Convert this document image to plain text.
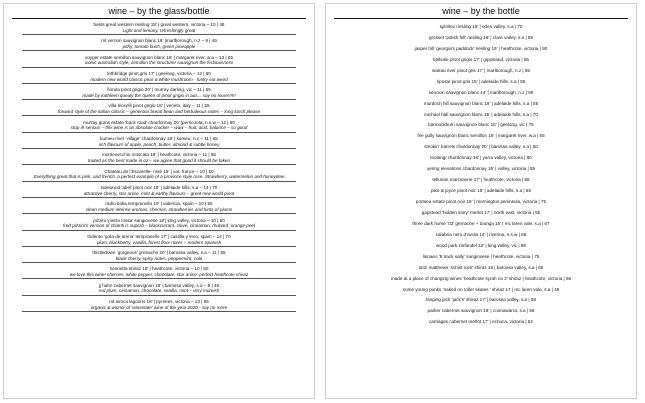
wine – by the glass/bottle
bests great western riesling 18’ | great western, victoria – 10 | 48
Light and lemony, refreshingly great
mt vernon sauvignon blanc 18’ |marlborough, n.z – 9 | 49
pithy, tomato bush, green pineapple
voyger estate semillon sauvignon blanc 18’ | margaret river, w.a – 13 | 65
iconic australian style, semillon the structure/ sauvignon the ferbiousness
lethbridge pinot gris 17’ | geelong, victoria – 12 | 60
modern new world classic pear & white mushroom - funky not weird
fiorula pinot grigio 20’ | murray darling, vic – 11 | 55
made by kathleen quealy the queen of pinot grigio in aus... say no more!!!!!!
villa leocelli pinot grigio 18’ | veneto, italy – 11 | 55
forward style of the italian classic – generous bread bean and herbaleous notes – long lunch please
murray gums estate ‘back road’ chardonnay 20’ |perricoota, n.s.w – 12 | 60
stop it! serious – this wine is an absolute cracker – wow – fruit, acid, balance – so good
kumeu river ‘village’ chardonnay 18’ | kumeu, n.z – 11 | 55
rich flavours of apple, peach, butter, almond & subtle honey
montevecchio moscato 18’ | heathcote, victoria – 11 | 55
touted as the best made in oz – we agree that good it should be taken
Chateau de l’Escarelle- rosé 18’ | var, france – 10 | 50
Everything great that is pink, and french. a perfect example of a province style rose. Strawberry, watermelon and honeydew
sidewood ‘abel’ pinot noir 18’ | adelaide hills, s.a – 14 | 70
attractive cherry, star anise, mint & earthy flavours – great new world pinot
radio boka tempranello 19’ | valencia, spain – 10 | 55
clean medium intense aromas, cherries, strawberries and hints of plums
pizzini ‘pietra rossa’ sangiovese 18’| king valley, victoria – 10 | 50
fred pizzini’s version of chianti is superb – blackcurrant, clove, cinnamon, rhubard, orange peel
tridente ‘gota de arena’ tempranello 17’ | castilla y leon, spain – 14 | 70
plum, blackberry, vanilla, forest floor notes – modern Spanish
thistledown ‘gorgeous’ grenache 20’ | barossa valley, s.a – 11 | 55
black cherry, spicy notes, peppermint, cola
henrietta shiraz 18’ | heathcote, victoria – 10 | 50
we love this wine! cherries, white pepper, chocolate, star anise. perfect heathcote shiraz
jj hahn cabernet sauvignon 18’ | barossa valley, s.a – 9 | 45
red plum, cinnamon, chocolate, vanilla, mint – very moreish
mt avoca lagoons 18’ | pyrnees, victoria – 13 | 65
organic & winner of ‘winestate’ wine of the year 2020 - say no more
wine – by the bottle
spinifex riesling 16’ | eden valley, s.a | 70
grosset ‘polish hill’ riesling 18’ | clare valley, s.a | 85
jasper hill ‘georgia’s paddock’ riesling 19’ | heathcote, victoria | 90
bellvale pinot grigio 17’ | gippsland, victoria | 65
wairau river pinot gris 17’ | marlborough, n.z | 55
riposte pinot gris 15’ | adelaide hills, s.a | 55
sencion sauvignon blanc 14’ | marlborough, n.z | 50
murdoch hill sauvignon blanc 19’ | adelaide hills, s.a | 55
michael hall sauvignon blanc 15’ | adelaide hills, s.a | 70
bannockburn sauvignon blanc 16’ | geelong, vic | 75
fire gully sauvignon blanc semillon 18’ | margaret river, w.a | 55
smokin’ barrels chardonnay 20’ | barossa valley, s.a | 50
toolangi chardonnay 16’ | yarra valley, victoria | 80
yering elevations chardonnay 16’ | valley, victoria | 55
tellurian marcsanne 17’ | heathcote, victoria | 55
pike & joyce pinot noir 19’ | adelaide hills, s.a | 65
portsea estate pinot noir 18’ | mornington peninsula, victoria | 75
gapstead ‘hidden story’ merlot 17’ | north east, victoria | 55
three dark horse ‘03’ grenache + touriga 16’ | mc laren vale, s.a | 67
calabria nero d’avola 14’ | riverina, n.s.w | 58
wood park zinfandel 12’ | king valley, vic | 95
linnaeo ‘8 track sally’ sangiovese | heathcote, victoria | 75
torzi matthews ‘schist rock’ shiraz 15 | barossa valley, s.a | 65
made at a place of changing wines ‘heathcote syrah no 2’ shiraz | heathcote, victoria | 68
some young punks ‘naked on roller skates ’ shiraz 17 | mc laren vale, s.a | 48
langing jack ‘jack’s’ shiraz 17’ | barossa valley, s.a | 58
parker cabernet sauvignon 18’ | coonawarra, s.a | 56
carriages cabernet merlot 17’ | echuca, victoria | 52
